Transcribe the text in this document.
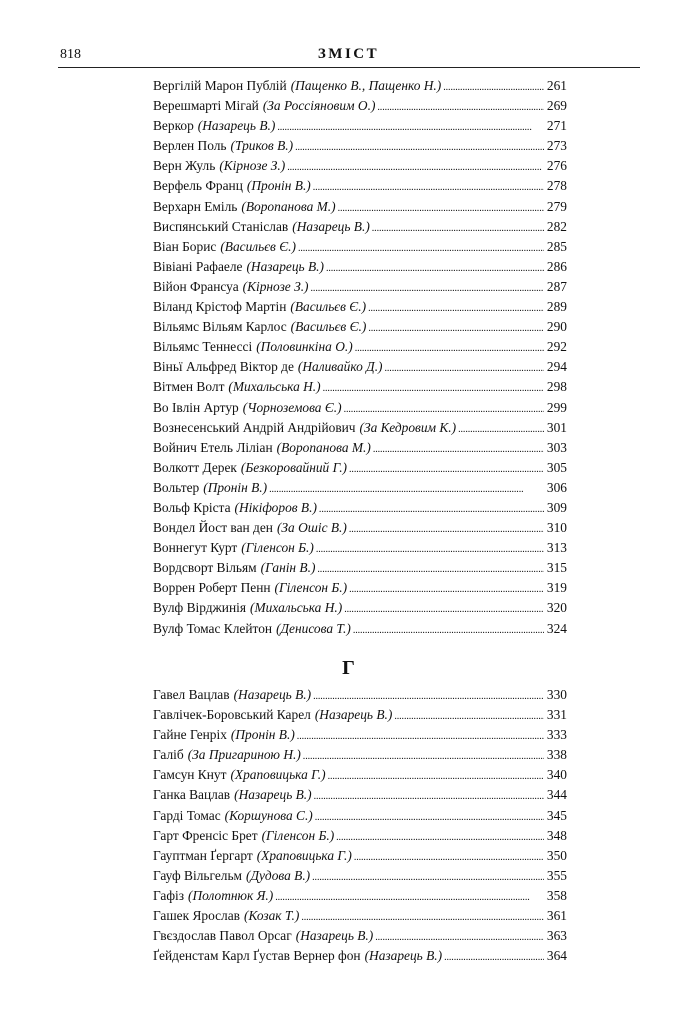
818	ЗМІСТ
Вергілій Марон Публій (Пащенко В., Пащенко Н.) . . .	261
Верешмарті Мігай (За Россіяновим О.) . . .	269
Веркор (Назарець В.) . . .	271
Верлен Поль (Триков В.) . . .	273
Верн Жуль (Кірнозе З.) . . .	276
Верфель Франц (Пронін В.) . . .	278
Верхарн Еміль (Воропанова М.) . . .	279
Виспянський Станіслав (Назарець В.) . . .	282
Віан Борис (Васильєв Є.) . . .	285
Вівіані Рафаеле (Назарець В.) . . .	286
Війон Франсуа (Кірнозе З.) . . .	287
Віланд Крістоф Мартін (Васильєв Є.) . . .	289
Вільямс Вільям Карлос (Васильєв Є.) . . .	290
Вільямс Теннессі (Половинкіна О.) . . .	292
Віньї Альфред Віктор де (Наливайко Д.) . . .	294
Вітмен Волт (Михальська Н.) . . .	298
Во Івлін Артур (Чорноземова Є.) . . .	299
Вознесенський Андрій Андрійович (За Кедровим К.) . . .	301
Войнич Етель Ліліан (Воропанова М.) . . .	303
Волкотт Дерек (Безкоровайний Г.) . . .	305
Вольтер (Пронін В.) . . .	306
Вольф Кріста (Нікіфоров В.) . . .	309
Вондел Йост ван ден (За Ошіс В.) . . .	310
Воннегут Курт (Гіленсон Б.) . . .	313
Вордсворт Вільям (Ганін В.) . . .	315
Воррен Роберт Пенн (Гіленсон Б.) . . .	319
Вулф Вірджинія (Михальська Н.) . . .	320
Вулф Томас Клейтон (Денисова Т.) . . .	324
Г
Гавел Вацлав (Назарець В.) . . .	330
Гавлічек-Боровський Карел (Назарець В.) . . .	331
Гайне Генріх (Пронін В.) . . .	333
Галіб (За Пригариною Н.) . . .	338
Гамсун Кнут (Храповицька Г.) . . .	340
Ганка Вацлав (Назарець В.) . . .	344
Гарді Томас (Коршунова С.) . . .	345
Гарт Френсіс Брет (Гіленсон Б.) . . .	348
Гауптман Ґергарт (Храповицька Г.) . . .	350
Гауф Вільгельм (Дудова В.) . . .	355
Гафіз (Полотнюк Я.) . . .	358
Гашек Ярослав (Козак Т.) . . .	361
Гвєздослав Павол Орсаг (Назарець В.) . . .	363
Ґейденстам Карл Ґустав Вернер фон (Назарець В.) . . .	364
